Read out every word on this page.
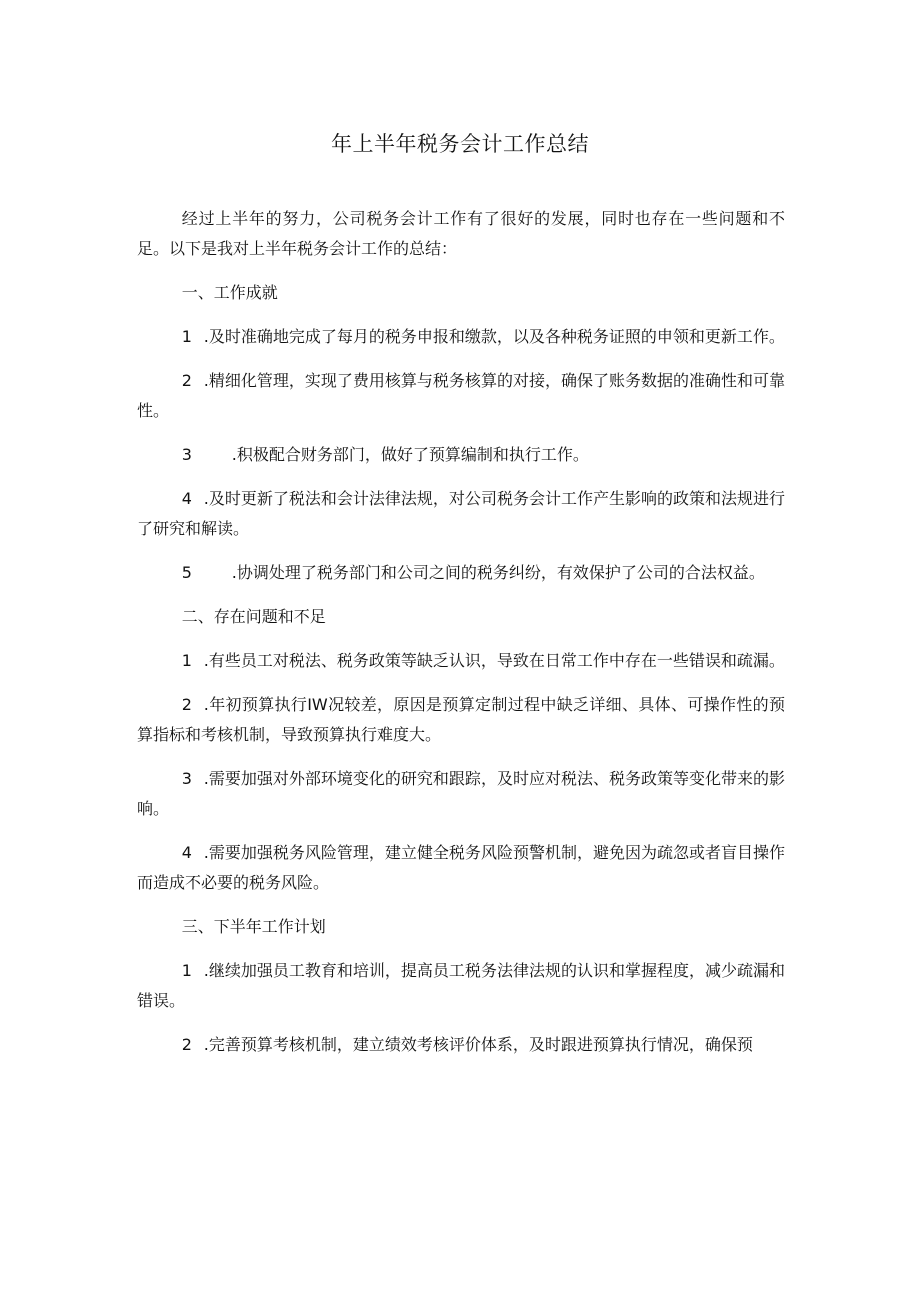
年上半年税务会计工作总结

经过上半年的努力，公司税务会计工作有了很好的发展，同时也存在一些问题和不足。以下是我对上半年税务会计工作的总结：

一、工作成就

1 .及时准确地完成了每月的税务申报和缴款，以及各种税务证照的申领和更新工作。

2 .精细化管理，实现了费用核算与税务核算的对接，确保了账务数据的准确性和可靠性。

3 .积极配合财务部门，做好了预算编制和执行工作。

4 .及时更新了税法和会计法律法规，对公司税务会计工作产生影响的政策和法规进行了研究和解读。

5 .协调处理了税务部门和公司之间的税务纠纷，有效保护了公司的合法权益。

二、存在问题和不足

1 .有些员工对税法、税务政策等缺乏认识，导致在日常工作中存在一些错误和疏漏。

2 .年初预算执行IW况较差，原因是预算定制过程中缺乏详细、具体、可操作性的预算指标和考核机制，导致预算执行难度大。

3 .需要加强对外部环境变化的研究和跟踪，及时应对税法、税务政策等变化带来的影响。

4 .需要加强税务风险管理，建立健全税务风险预警机制，避免因为疏忽或者盲目操作而造成不必要的税务风险。

三、下半年工作计划

1 .继续加强员工教育和培训，提高员工税务法律法规的认识和掌握程度，减少疏漏和错误。

2 .完善预算考核机制，建立绩效考核评价体系，及时跟进预算执行情况，确保预
